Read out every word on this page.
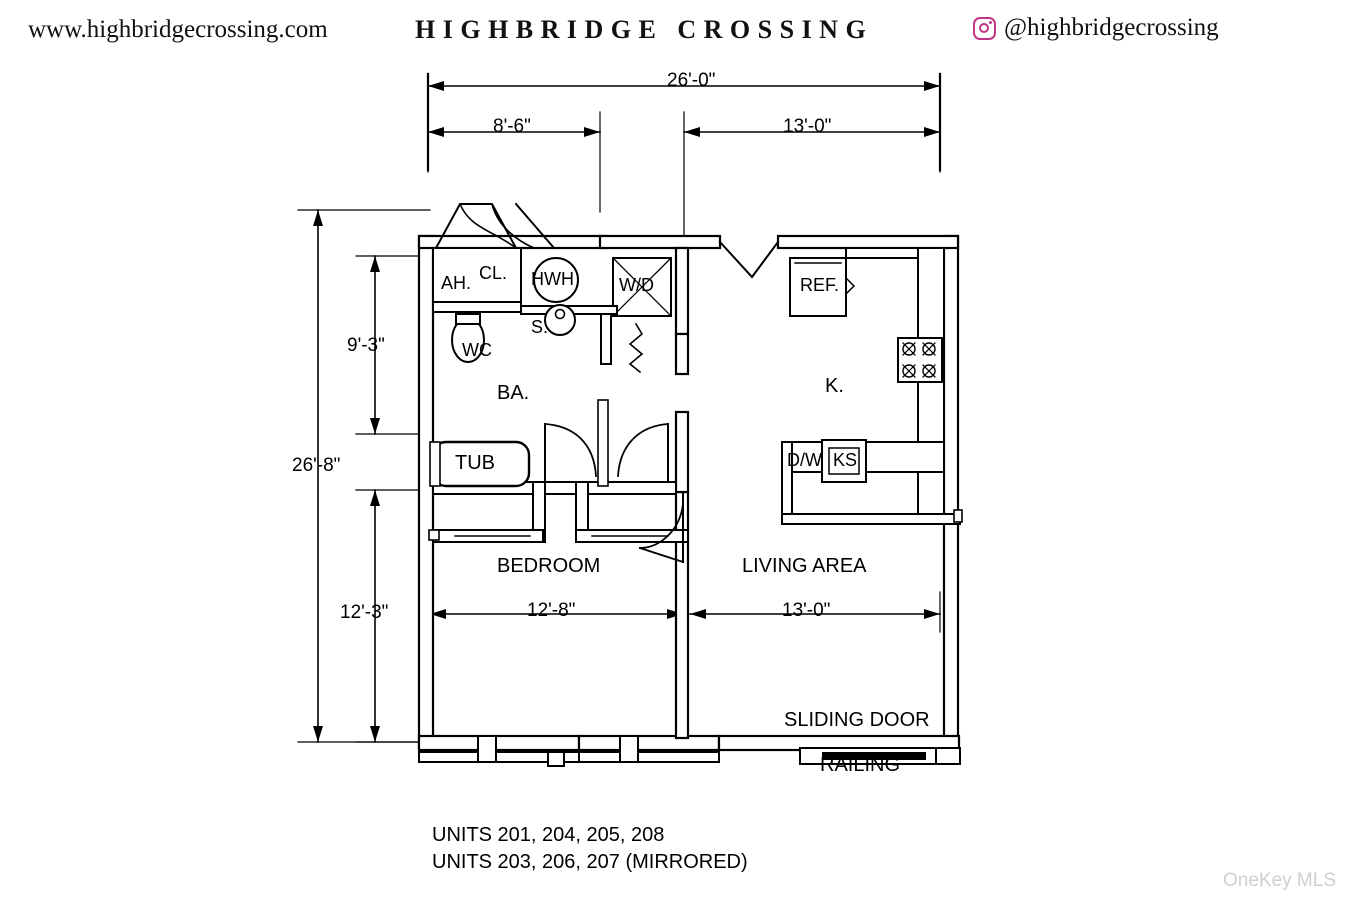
www.highbridgecrossing.com	HIGHBRIDGE CROSSING	@highbridgecrossing
26'-0"
8'-6"	13'-0"
26'-8"
9'-3"
12'-3"	12'-8"	13'-0"
AH. CL. HWH	W/D	REF.
WC
S.
BA.	K.
TUB	D/W KS
BEDROOM	LIVING AREA
SLIDING DOOR
RAILING
UNITS 201, 204, 205, 208
UNITS 203, 206, 207 (MIRRORED)
OneKey MLS
